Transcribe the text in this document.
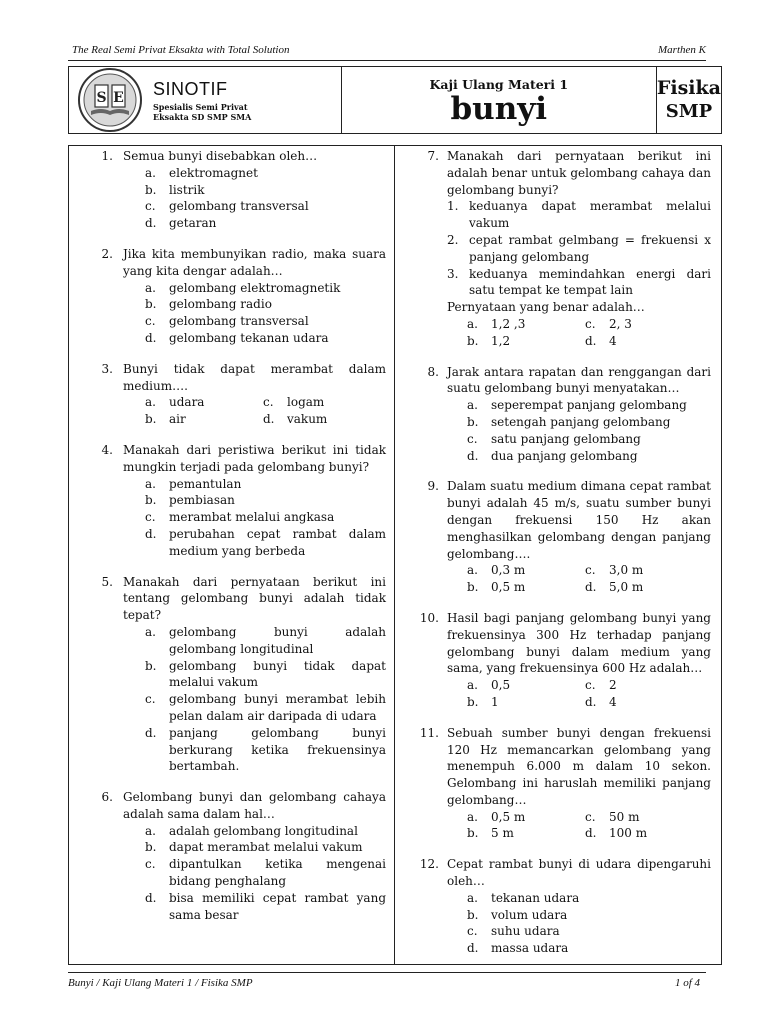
The Real Semi Privat Eksakta with Total Solution	Marthen K
S E SINOTIF
Spesialis Semi Privat
Eksakta SD SMP SMA
Kaji Ulang Materi 1
bunyi
Fisika
SMP
1. Semua bunyi disebabkan oleh…
a.	elektromagnet
b.	listrik
c.	gelombang transversal
d.	getaran
2. Jika kita membunyikan radio, maka suara yang kita dengar adalah…
a.	gelombang elektromagnetik
b.	gelombang radio
c.	gelombang transversal
d.	gelombang tekanan udara
3. Bunyi tidak dapat merambat dalam medium….
a.	udara	c.	logam
b.	air	d.	vakum
4. Manakah dari peristiwa berikut ini tidak mungkin terjadi pada gelombang bunyi?
a.	pemantulan
b.	pembiasan
c.	merambat melalui angkasa
d.	perubahan cepat rambat dalam medium yang berbeda
5. Manakah dari pernyataan berikut ini tentang gelombang bunyi adalah tidak tepat?
a.	gelombang bunyi adalah gelombang longitudinal
b.	gelombang bunyi tidak dapat melalui vakum
c.	gelombang bunyi merambat lebih pelan dalam air daripada di udara
d.	panjang gelombang bunyi berkurang ketika frekuensinya bertambah.
6. Gelombang bunyi dan gelombang cahaya adalah sama dalam hal…
a.	adalah gelombang longitudinal
b.	dapat merambat melalui vakum
c.	dipantulkan ketika mengenai bidang penghalang
d.	bisa memiliki cepat rambat yang sama besar
7. Manakah dari pernyataan berikut ini adalah benar untuk gelombang cahaya dan gelombang bunyi?
1. keduanya dapat merambat melalui vakum
2. cepat rambat gelmbang = frekuensi x panjang gelombang
3. keduanya memindahkan energi dari satu tempat ke tempat lain
Pernyataan yang benar adalah…
a.	1,2 ,3	c.	2, 3
b.	1,2	d.	4
8. Jarak antara rapatan dan renggangan dari suatu gelombang bunyi menyatakan…
a.	seperempat panjang gelombang
b.	setengah panjang gelombang
c.	satu panjang gelombang
d.	dua panjang gelombang
9. Dalam suatu medium dimana cepat rambat bunyi adalah 45 m/s, suatu sumber bunyi dengan frekuensi 150 Hz akan menghasilkan gelombang dengan panjang gelombang….
a.	0,3 m	c.	3,0 m
b.	0,5 m	d.	5,0 m
10. Hasil bagi panjang gelombang bunyi yang frekuensinya 300 Hz terhadap panjang gelombang bunyi dalam medium yang sama, yang frekuensinya 600 Hz adalah…
a.	0,5	c.	2
b.	1	d.	4
11. Sebuah sumber bunyi dengan frekuensi 120 Hz memancarkan gelombang yang menempuh 6.000 m dalam 10 sekon. Gelombang ini haruslah memiliki panjang gelombang…
a.	0,5 m	c.	50 m
b.	5 m	d.	100 m
12. Cepat rambat bunyi di udara dipengaruhi oleh…
a.	tekanan udara
b.	volum udara
c.	suhu udara
d.	massa udara
Bunyi / Kaji Ulang Materi 1 / Fisika SMP	1 of 4
